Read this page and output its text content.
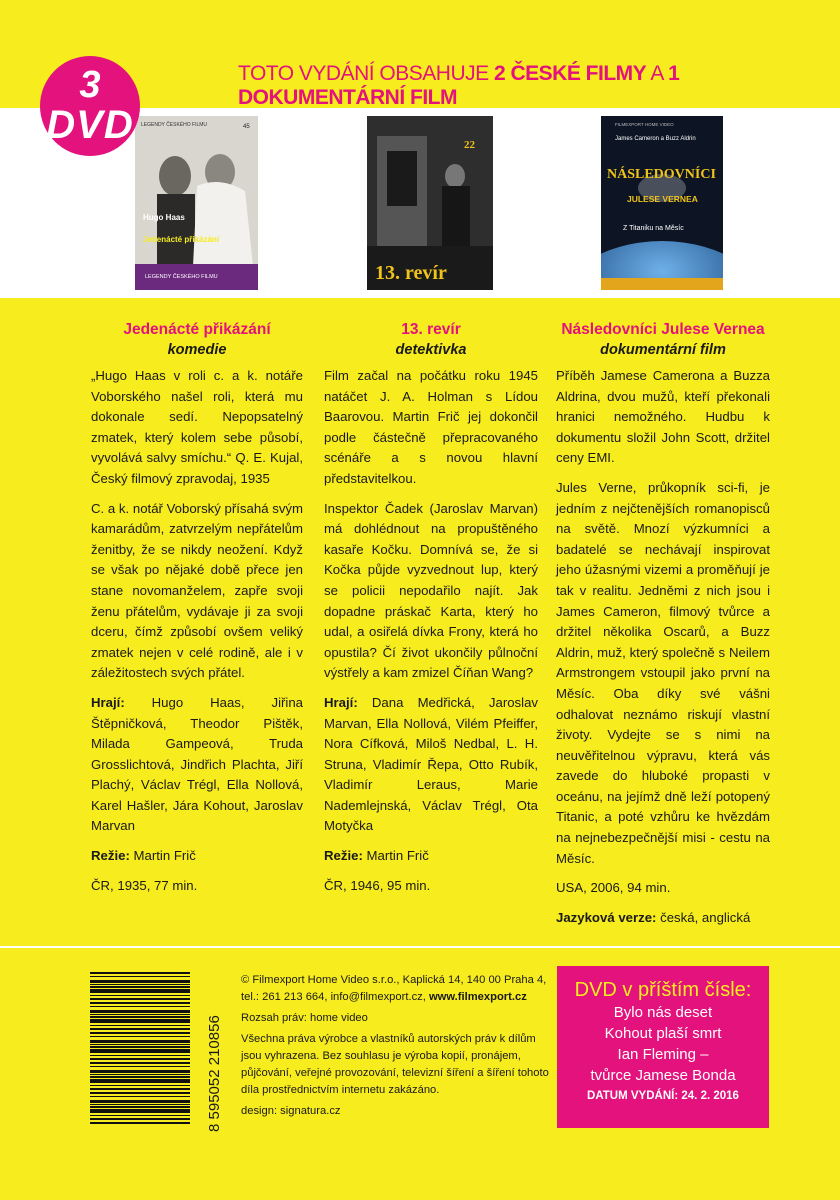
3
DVD
TOTO VYDÁNÍ OBSAHUJE 2 ČESKÉ FILMY A 1 DOKUMENTÁRNÍ FILM
LEGENDY ČESKÉHO FILMU	45
Hugo Haas
Jedenácté přikázání
LEGENDY ČESKÉHO FILMU
22
13. revír
FILMEXPORT HOME VIDEO
James Cameron a Buzz Aldrin
NÁSLEDOVNÍCI
JULESE VERNEA
Z Titaniku na Měsíc

Jedenácté přikázání

komedie

„Hugo Haas v roli c. a k. notáře Voborského našel roli, která mu dokonale sedí. Nepopsatelný zmatek, který kolem sebe působí, vyvolává salvy smíchu.“ Q. E. Kujal, Český filmový zpravodaj, 1935

C. a k. notář Voborský přísahá svým kamarádům, zatvrzelým nepřátelům ženitby, že se nikdy neožení. Když se však po nějaké době přece jen stane novomanželem, zapře svoji ženu přátelům, vydávaje ji za svoji dceru, čímž způsobí ovšem veliký zmatek nejen v celé rodině, ale i v záležitostech svých přátel.

Hrají: Hugo Haas, Jiřina Štěpničková, Theodor Pištěk, Milada Gampeová, Truda Grosslichtová, Jindřich Plachta, Jiří Plachý, Václav Trégl, Ella Nollová, Karel Hašler, Jára Kohout, Jaroslav Marvan

Režie: Martin Frič

ČR, 1935, 77 min.

13. revír

detektivka

Film začal na počátku roku 1945 natáčet J. A. Holman s Lídou Baarovou. Martin Frič jej dokončil podle částečně přepracovaného scénáře a s novou hlavní představitelkou.

Inspektor Čadek (Jaroslav Marvan) má dohlédnout na propuštěného kasaře Kočku. Domnívá se, že si Kočka půjde vyzvednout lup, který se policii nepodařilo najít. Jak dopadne práskač Karta, který ho udal, a osiřelá dívka Frony, která ho opustila? Čí život ukončily půlnoční výstřely a kam zmizel Číňan Wang?

Hrají: Dana Medřická, Jaroslav Marvan, Ella Nollová, Vilém Pfeiffer, Nora Cífková, Miloš Nedbal, L. H. Struna, Vladimír Řepa, Otto Rubík, Vladimír Leraus, Marie Nademlejnská, Václav Trégl, Ota Motyčka

Režie: Martin Frič

ČR, 1946, 95 min.

Následovníci Julese Vernea

dokumentární film

Příběh Jamese Camerona a Buzza Aldrina, dvou mužů, kteří překonali hranici nemožného. Hudbu k dokumentu složil John Scott, držitel ceny EMI.

Jules Verne, průkopník sci-fi, je jedním z nejčtenějších romanopisců na světě. Mnozí výzkumníci a badatelé se nechávají inspirovat jeho úžasnými vizemi a proměňují je tak v realitu. Jedněmi z nich jsou i James Cameron, filmový tvůrce a držitel několika Oscarů, a Buzz Aldrin, muž, který společně s Neilem Armstrongem vstoupil jako první na Měsíc. Oba díky své vášni odhalovat neznámo riskují vlastní životy. Vydejte se s nimi na neuvěřitelnou výpravu, která vás zavede do hluboké propasti v oceánu, na jejímž dně leží potopený Titanic, a poté vzhůru ke hvězdám na nejnebezpečnější misi - cestu na Měsíc.

USA, 2006, 94 min.

Jazyková verze: česká, anglická

8 595052 210856

© Filmexport Home Video s.r.o., Kaplická 14, 140 00 Praha 4,
tel.: 261 213 664, info@filmexport.cz, www.filmexport.cz

Rozsah práv: home video

Všechna práva výrobce a vlastníků autorských práv k dílům jsou vyhrazena. Bez souhlasu je výroba kopií, pronájem, půjčování, veřejné provozování, televizní šíření a šíření tohoto díla prostřednictvím internetu zakázáno.

design: signatura.cz

DVD v příštím čísle:
Bylo nás deset
Kohout plaší smrt
Ian Fleming –
tvůrce Jamese Bonda
DATUM VYDÁNÍ: 24. 2. 2016
